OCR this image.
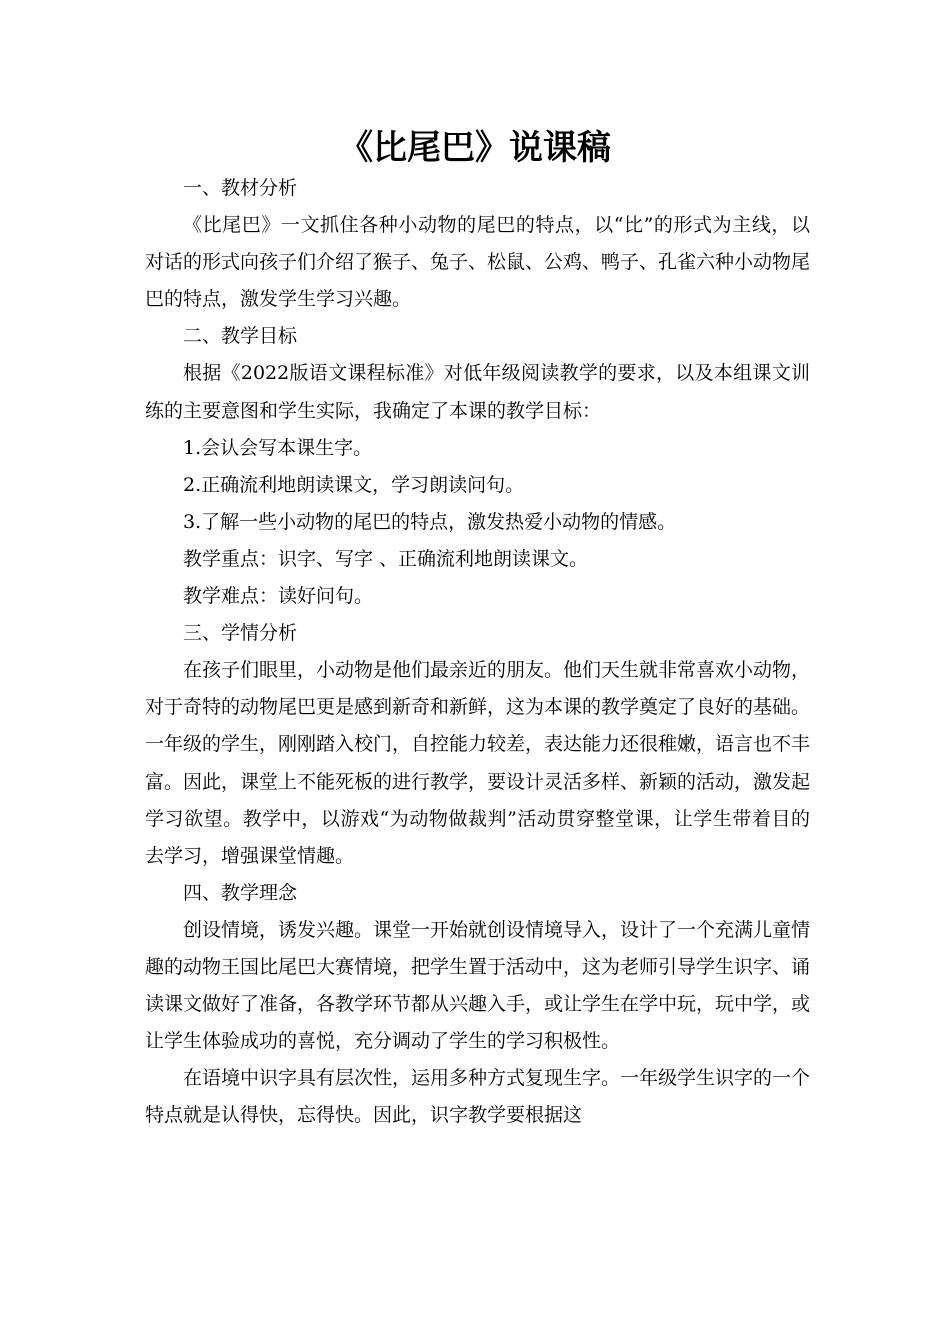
《比尾巴》说课稿

一、教材分析

《比尾巴》一文抓住各种小动物的尾巴的特点，以“比”的形式为主线，以对话的形式向孩子们介绍了猴子、兔子、松鼠、公鸡、鸭子、孔雀六种小动物尾巴的特点，激发学生学习兴趣。

二、教学目标

根据《2022版语文课程标准》对低年级阅读教学的要求，以及本组课文训练的主要意图和学生实际，我确定了本课的教学目标：

1.会认会写本课生字。

2.正确流利地朗读课文，学习朗读问句。

3.了解一些小动物的尾巴的特点，激发热爱小动物的情感。

教学重点：识字、写字 、正确流利地朗读课文。

教学难点：读好问句。

三、学情分析

在孩子们眼里，小动物是他们最亲近的朋友。他们天生就非常喜欢小动物，对于奇特的动物尾巴更是感到新奇和新鲜，这为本课的教学奠定了良好的基础。一年级的学生，刚刚踏入校门，自控能力较差，表达能力还很稚嫩，语言也不丰富。因此，课堂上不能死板的进行教学，要设计灵活多样、新颖的活动，激发起学习欲望。教学中，以游戏“为动物做裁判”活动贯穿整堂课，让学生带着目的去学习，增强课堂情趣。

四、教学理念

创设情境，诱发兴趣。课堂一开始就创设情境导入，设计了一个充满儿童情趣的动物王国比尾巴大赛情境，把学生置于活动中，这为老师引导学生识字、诵读课文做好了准备，各教学环节都从兴趣入手，或让学生在学中玩，玩中学，或让学生体验成功的喜悦，充分调动了学生的学习积极性。

在语境中识字具有层次性，运用多种方式复现生字。一年级学生识字的一个特点就是认得快，忘得快。因此，识字教学要根据这
